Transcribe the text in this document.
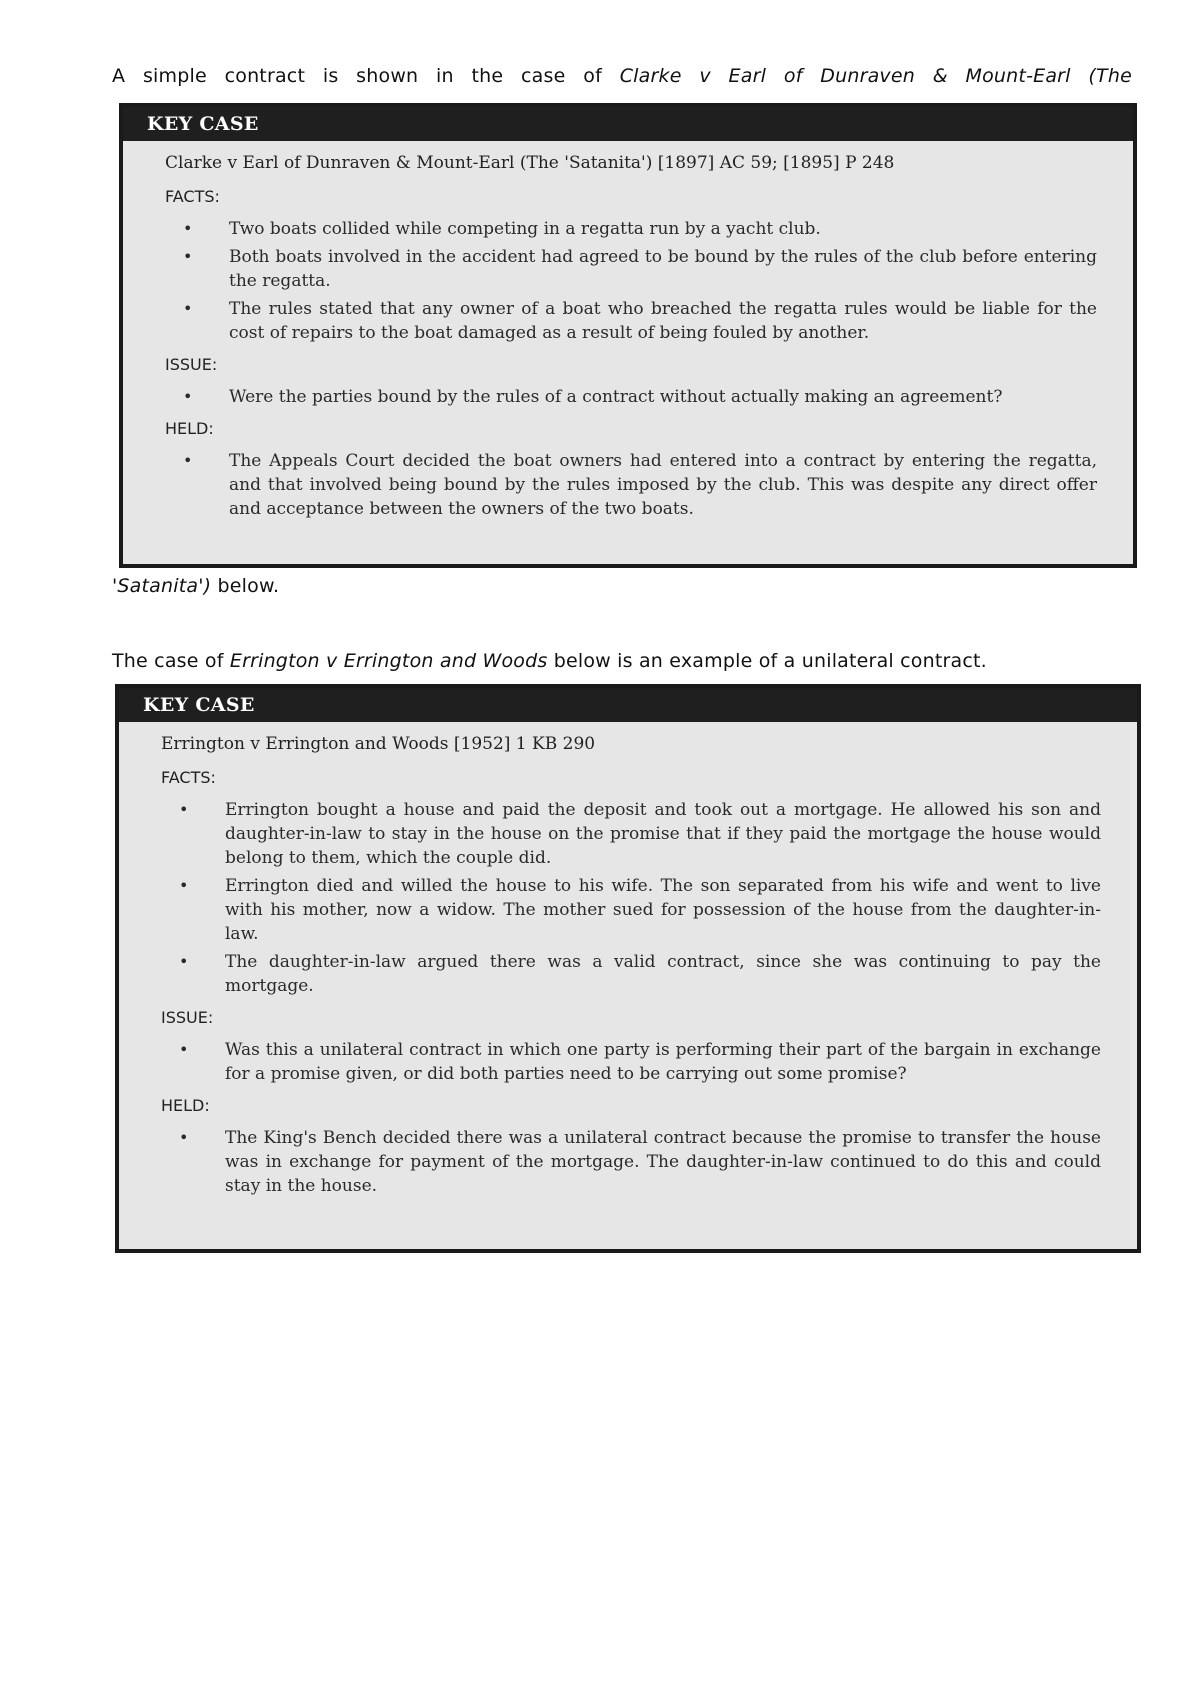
A simple contract is shown in the case of Clarke v Earl of Dunraven & Mount-Earl (The
KEY CASE

Clarke v Earl of Dunraven & Mount-Earl (The 'Satanita') [1897] AC 59; [1895] P 248

FACTS:

• Two boats collided while competing in a regatta run by a yacht club.
• Both boats involved in the accident had agreed to be bound by the rules of the club before entering the regatta.
• The rules stated that any owner of a boat who breached the regatta rules would be liable for the cost of repairs to the boat damaged as a result of being fouled by another.

ISSUE:

• Were the parties bound by the rules of a contract without actually making an agreement?

HELD:

• The Appeals Court decided the boat owners had entered into a contract by entering the regatta, and that involved being bound by the rules imposed by the club. This was despite any direct offer and acceptance between the owners of the two boats.
'Satanita') below.
The case of Errington v Errington and Woods below is an example of a unilateral contract.
KEY CASE

Errington v Errington and Woods [1952] 1 KB 290

FACTS:

• Errington bought a house and paid the deposit and took out a mortgage. He allowed his son and daughter-in-law to stay in the house on the promise that if they paid the mortgage the house would belong to them, which the couple did.
• Errington died and willed the house to his wife. The son separated from his wife and went to live with his mother, now a widow. The mother sued for possession of the house from the daughter-in-law.
• The daughter-in-law argued there was a valid contract, since she was continuing to pay the mortgage.

ISSUE:

• Was this a unilateral contract in which one party is performing their part of the bargain in exchange for a promise given, or did both parties need to be carrying out some promise?

HELD:

• The King's Bench decided there was a unilateral contract because the promise to transfer the house was in exchange for payment of the mortgage. The daughter-in-law continued to do this and could stay in the house.
